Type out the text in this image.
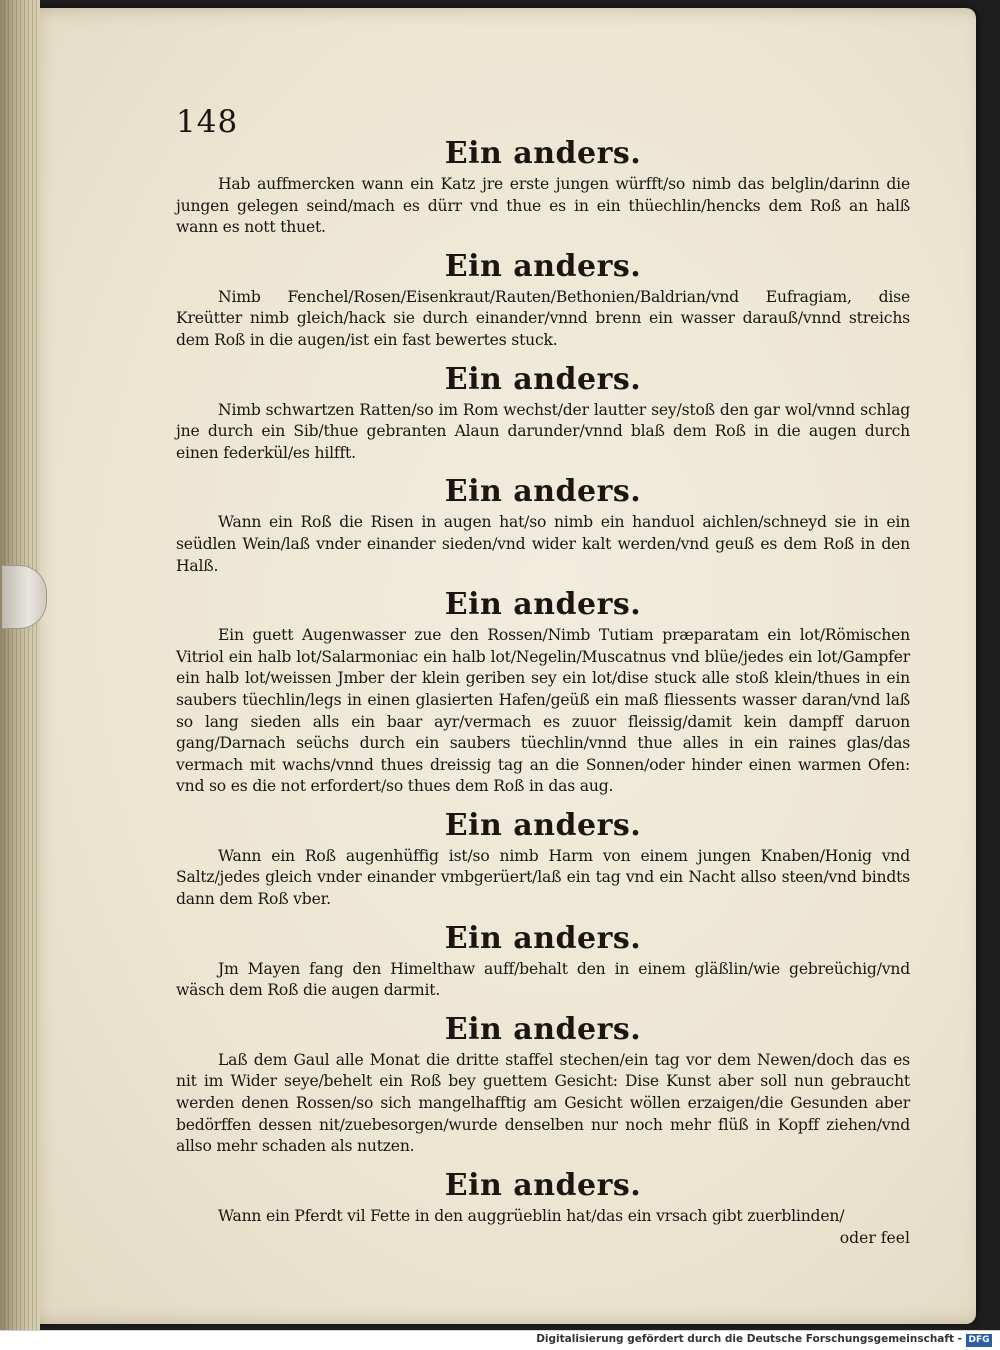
148
Ein anders.

Hab auffmercken wann ein Katz jre erste jungen würfft/so nimb das belglin/darinn die jungen gelegen seind/mach es dürr vnd thue es in ein thüechlin/hencks dem Roß an halß wann es nott thuet.

Ein anders.

Nimb Fenchel/Rosen/Eisenkraut/Rauten/Bethonien/Baldrian/vnd Eufragiam, dise Kreütter nimb gleich/hack sie durch einander/vnnd brenn ein wasser darauß/vnnd streichs dem Roß in die augen/ist ein fast bewertes stuck.

Ein anders.

Nimb schwartzen Ratten/so im Rom wechst/der lautter sey/stoß den gar wol/vnnd schlag jne durch ein Sib/thue gebranten Alaun darunder/vnnd blaß dem Roß in die augen durch einen federkül/es hilfft.

Ein anders.

Wann ein Roß die Risen in augen hat/so nimb ein handuol aichlen/schneyd sie in ein seüdlen Wein/laß vnder einander sieden/vnd wider kalt werden/vnd geuß es dem Roß in den Halß.

Ein anders.

Ein guett Augenwasser zue den Rossen/Nimb Tutiam præparatam ein lot/Römischen Vitriol ein halb lot/Salarmoniac ein halb lot/Negelin/Muscatnus vnd blüe/jedes ein lot/Gampfer ein halb lot/weissen Jmber der klein geriben sey ein lot/dise stuck alle stoß klein/thues in ein saubers tüechlin/legs in einen glasierten Hafen/geüß ein maß fliessents wasser daran/vnd laß so lang sieden alls ein baar ayr/vermach es zuuor fleissig/damit kein dampff daruon gang/Darnach seüchs durch ein saubers tüechlin/vnnd thue alles in ein raines glas/das vermach mit wachs/vnnd thues dreissig tag an die Sonnen/oder hinder einen warmen Ofen: vnd so es die not erfordert/so thues dem Roß in das aug.

Ein anders.

Wann ein Roß augenhüffig ist/so nimb Harm von einem jungen Knaben/Honig vnd Saltz/jedes gleich vnder einander vmbgerüert/laß ein tag vnd ein Nacht allso steen/vnd bindts dann dem Roß vber.

Ein anders.

Jm Mayen fang den Himelthaw auff/behalt den in einem gläßlin/wie gebreüchig/vnd wäsch dem Roß die augen darmit.

Ein anders.

Laß dem Gaul alle Monat die dritte staffel stechen/ein tag vor dem Newen/doch das es nit im Wider seye/behelt ein Roß bey guettem Gesicht: Dise Kunst aber soll nun gebraucht werden denen Rossen/so sich mangelhafftig am Gesicht wöllen erzaigen/die Gesunden aber bedörffen dessen nit/zuebesorgen/wurde denselben nur noch mehr flüß in Kopff ziehen/vnd allso mehr schaden als nutzen.

Ein anders.

Wann ein Pferdt vil Fette in den auggrüeblin hat/das ein vrsach gibt zuerblinden/

oder feel

Digitalisierung gefördert durch die Deutsche Forschungsgemeinschaft - DFG
